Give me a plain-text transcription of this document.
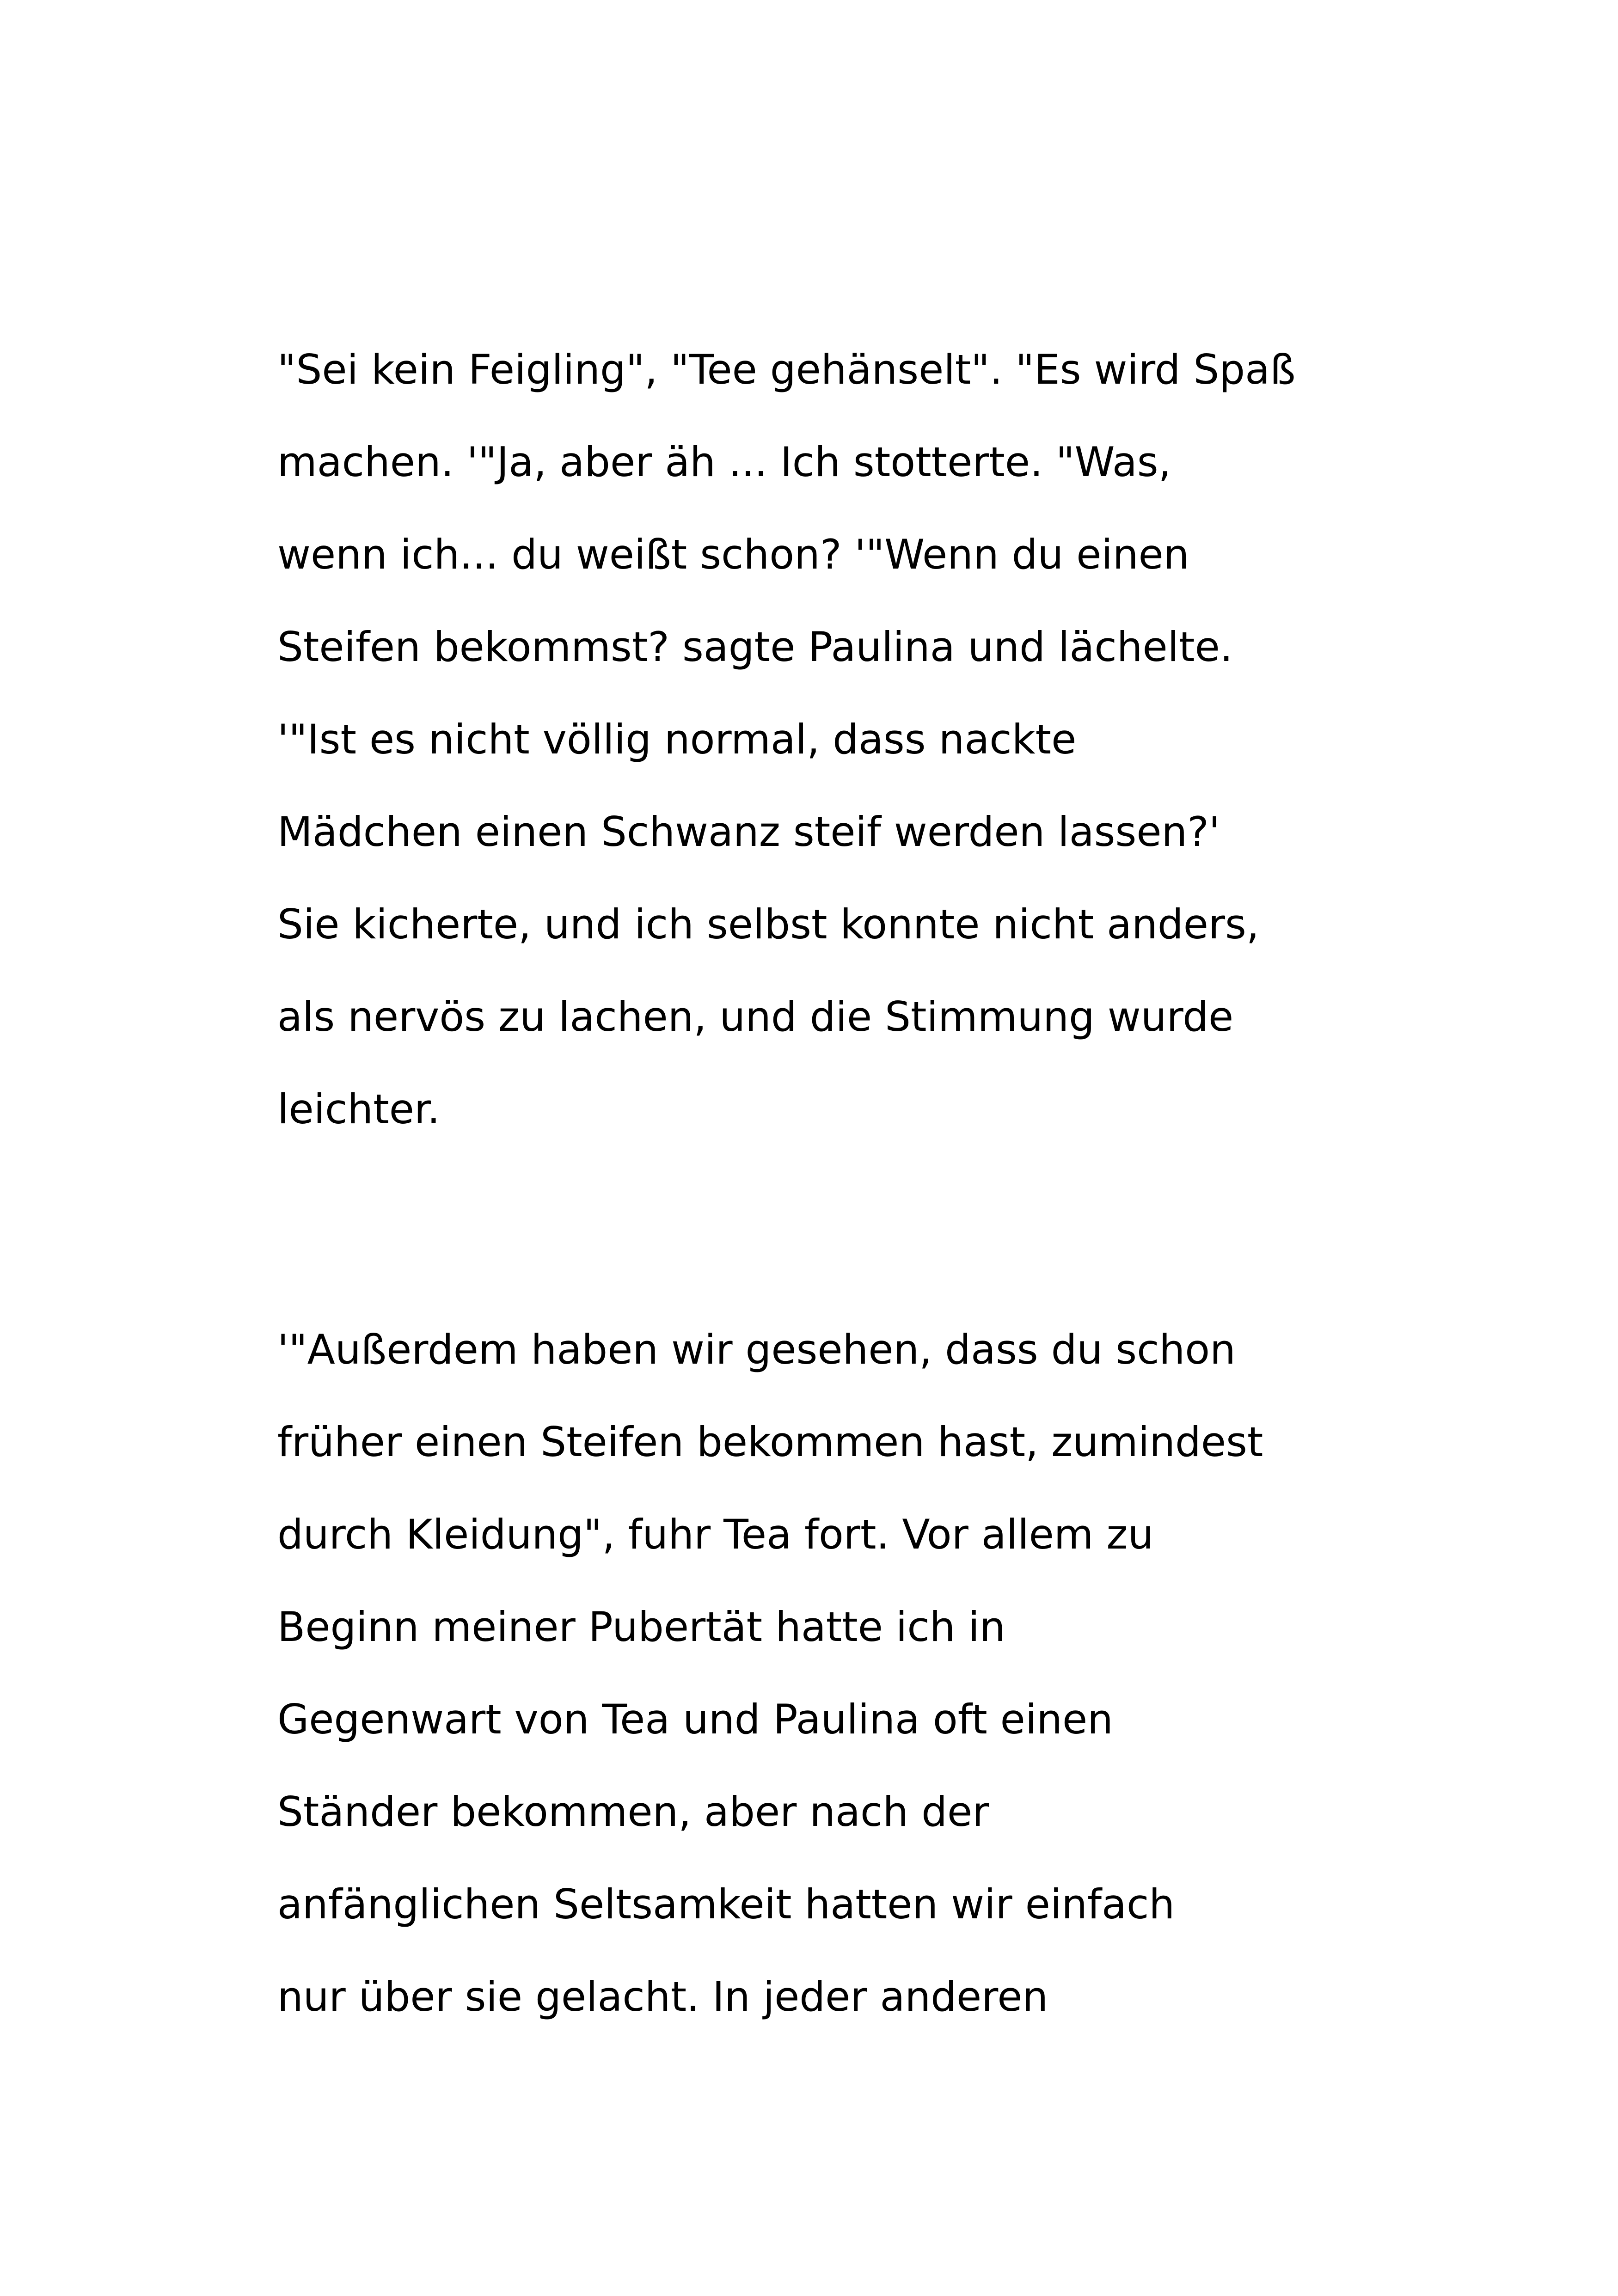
"Sei kein Feigling", "Tee gehänselt". "Es wird Spaß
machen. '"Ja, aber äh ... Ich stotterte. "Was,
wenn ich... du weißt schon? '"Wenn du einen
Steifen bekommst? sagte Paulina und lächelte.
'"Ist es nicht völlig normal, dass nackte
Mädchen einen Schwanz steif werden lassen?'
Sie kicherte, und ich selbst konnte nicht anders,
als nervös zu lachen, und die Stimmung wurde
leichter.

'"Außerdem haben wir gesehen, dass du schon
früher einen Steifen bekommen hast, zumindest
durch Kleidung", fuhr Tea fort. Vor allem zu
Beginn meiner Pubertät hatte ich in
Gegenwart von Tea und Paulina oft einen
Ständer bekommen, aber nach der
anfänglichen Seltsamkeit hatten wir einfach
nur über sie gelacht. In jeder anderen
